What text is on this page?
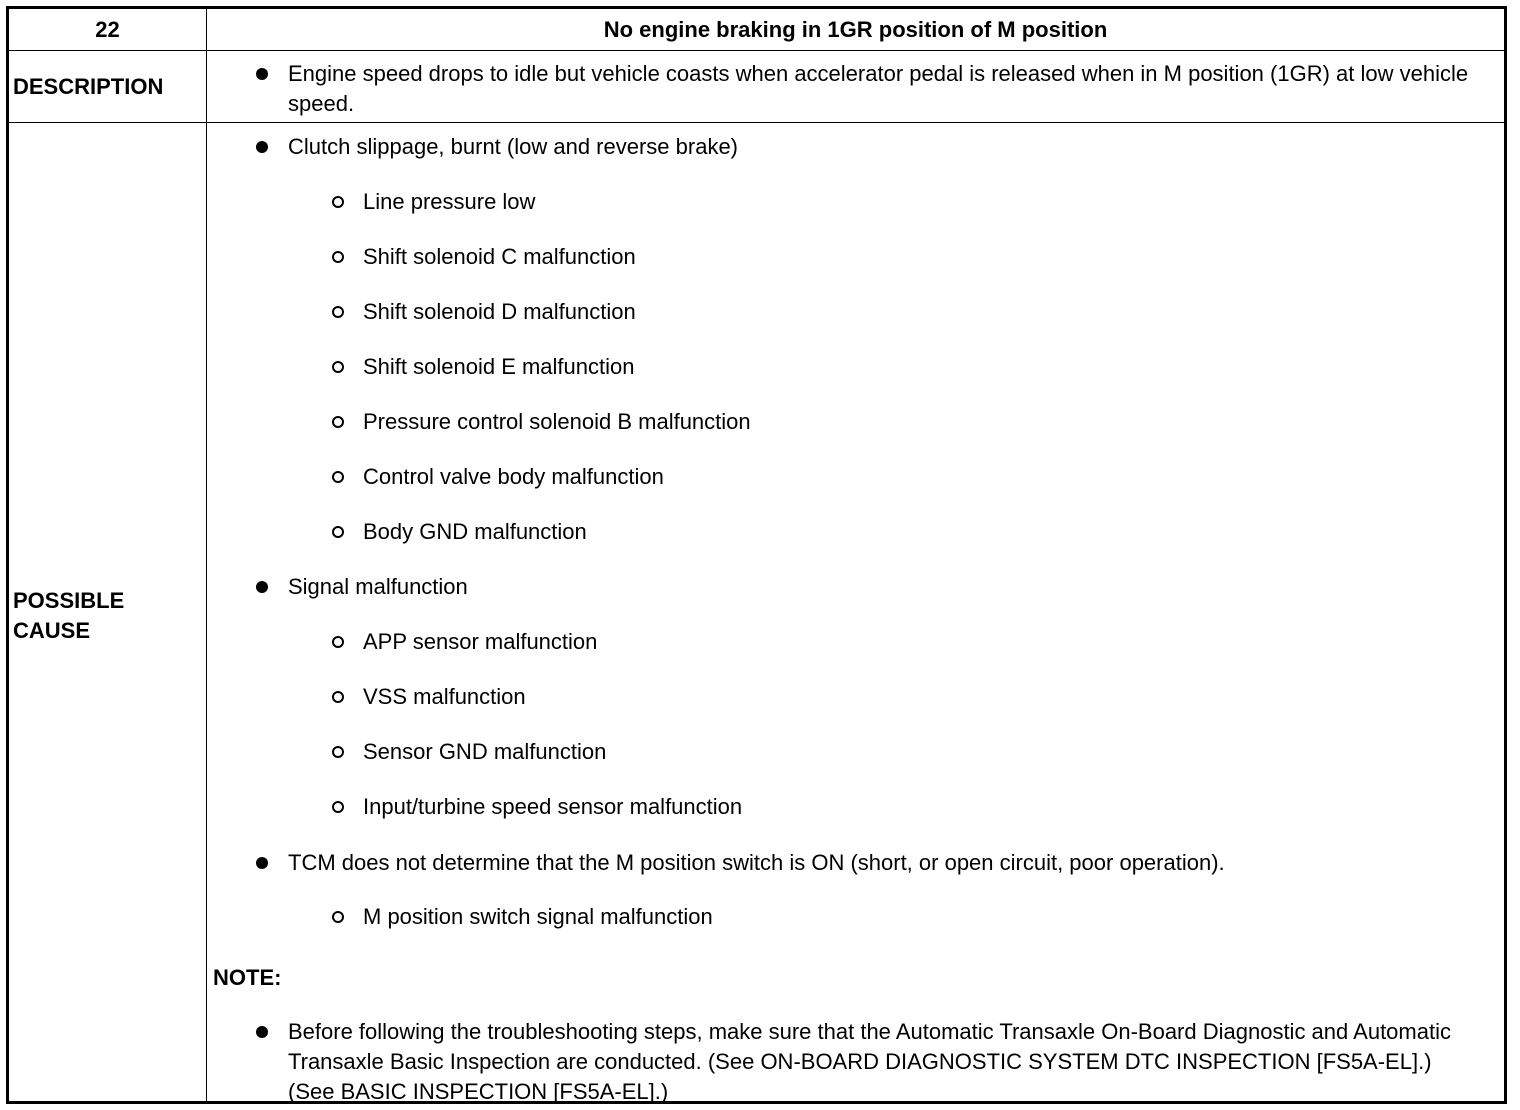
22	No engine braking in 1GR position of M position
DESCRIPTION
Engine speed drops to idle but vehicle coasts when accelerator pedal is released when in M position (1GR) at low vehicle speed.
POSSIBLE CAUSE
Clutch slippage, burnt (low and reverse brake)
Line pressure low
Shift solenoid C malfunction
Shift solenoid D malfunction
Shift solenoid E malfunction
Pressure control solenoid B malfunction
Control valve body malfunction
Body GND malfunction
Signal malfunction
APP sensor malfunction
VSS malfunction
Sensor GND malfunction
Input/turbine speed sensor malfunction
TCM does not determine that the M position switch is ON (short, or open circuit, poor operation).
M position switch signal malfunction
NOTE:
Before following the troubleshooting steps, make sure that the Automatic Transaxle On-Board Diagnostic and Automatic Transaxle Basic Inspection are conducted. (See ON-BOARD DIAGNOSTIC SYSTEM DTC INSPECTION [FS5A-EL].) (See BASIC INSPECTION [FS5A-EL].)
